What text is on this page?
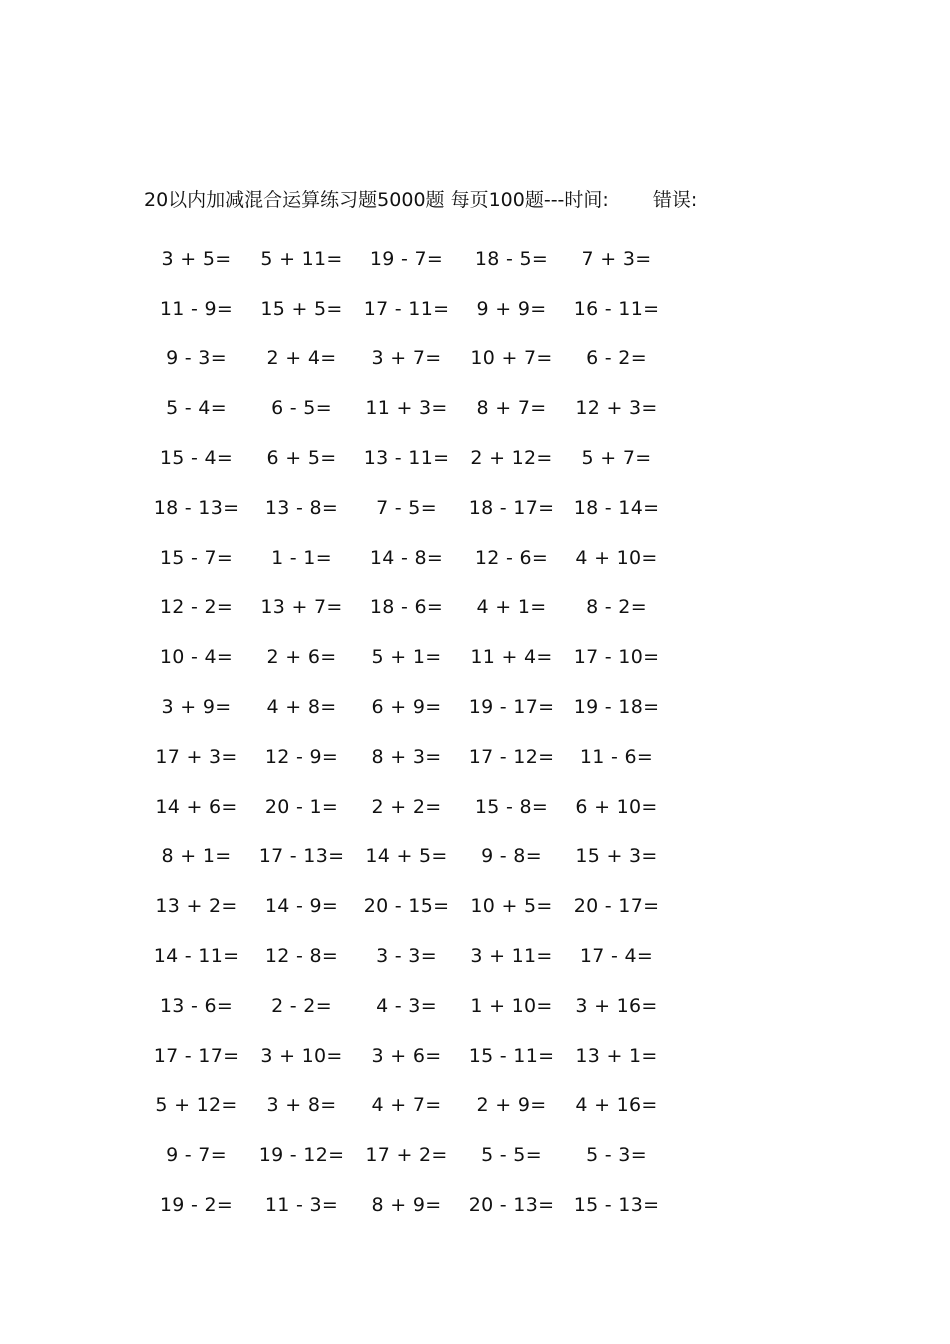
20以内加减混合运算练习题5000题 每页100题---时间: 错误:
3 + 5=	5 + 11=	19 - 7=	18 - 5=	7 + 3=
11 - 9=	15 + 5=	17 - 11=	9 + 9=	16 - 11=
9 - 3=	2 + 4=	3 + 7=	10 + 7=	6 - 2=
5 - 4=	6 - 5=	11 + 3=	8 + 7=	12 + 3=
15 - 4=	6 + 5=	13 - 11=	2 + 12=	5 + 7=
18 - 13=	13 - 8=	7 - 5=	18 - 17=	18 - 14=
15 - 7=	1 - 1=	14 - 8=	12 - 6=	4 + 10=
12 - 2=	13 + 7=	18 - 6=	4 + 1=	8 - 2=
10 - 4=	2 + 6=	5 + 1=	11 + 4=	17 - 10=
3 + 9=	4 + 8=	6 + 9=	19 - 17=	19 - 18=
17 + 3=	12 - 9=	8 + 3=	17 - 12=	11 - 6=
14 + 6=	20 - 1=	2 + 2=	15 - 8=	6 + 10=
8 + 1=	17 - 13=	14 + 5=	9 - 8=	15 + 3=
13 + 2=	14 - 9=	20 - 15=	10 + 5=	20 - 17=
14 - 11=	12 - 8=	3 - 3=	3 + 11=	17 - 4=
13 - 6=	2 - 2=	4 - 3=	1 + 10=	3 + 16=
17 - 17=	3 + 10=	3 + 6=	15 - 11=	13 + 1=
5 + 12=	3 + 8=	4 + 7=	2 + 9=	4 + 16=
9 - 7=	19 - 12=	17 + 2=	5 - 5=	5 - 3=
19 - 2=	11 - 3=	8 + 9=	20 - 13=	15 - 13=
